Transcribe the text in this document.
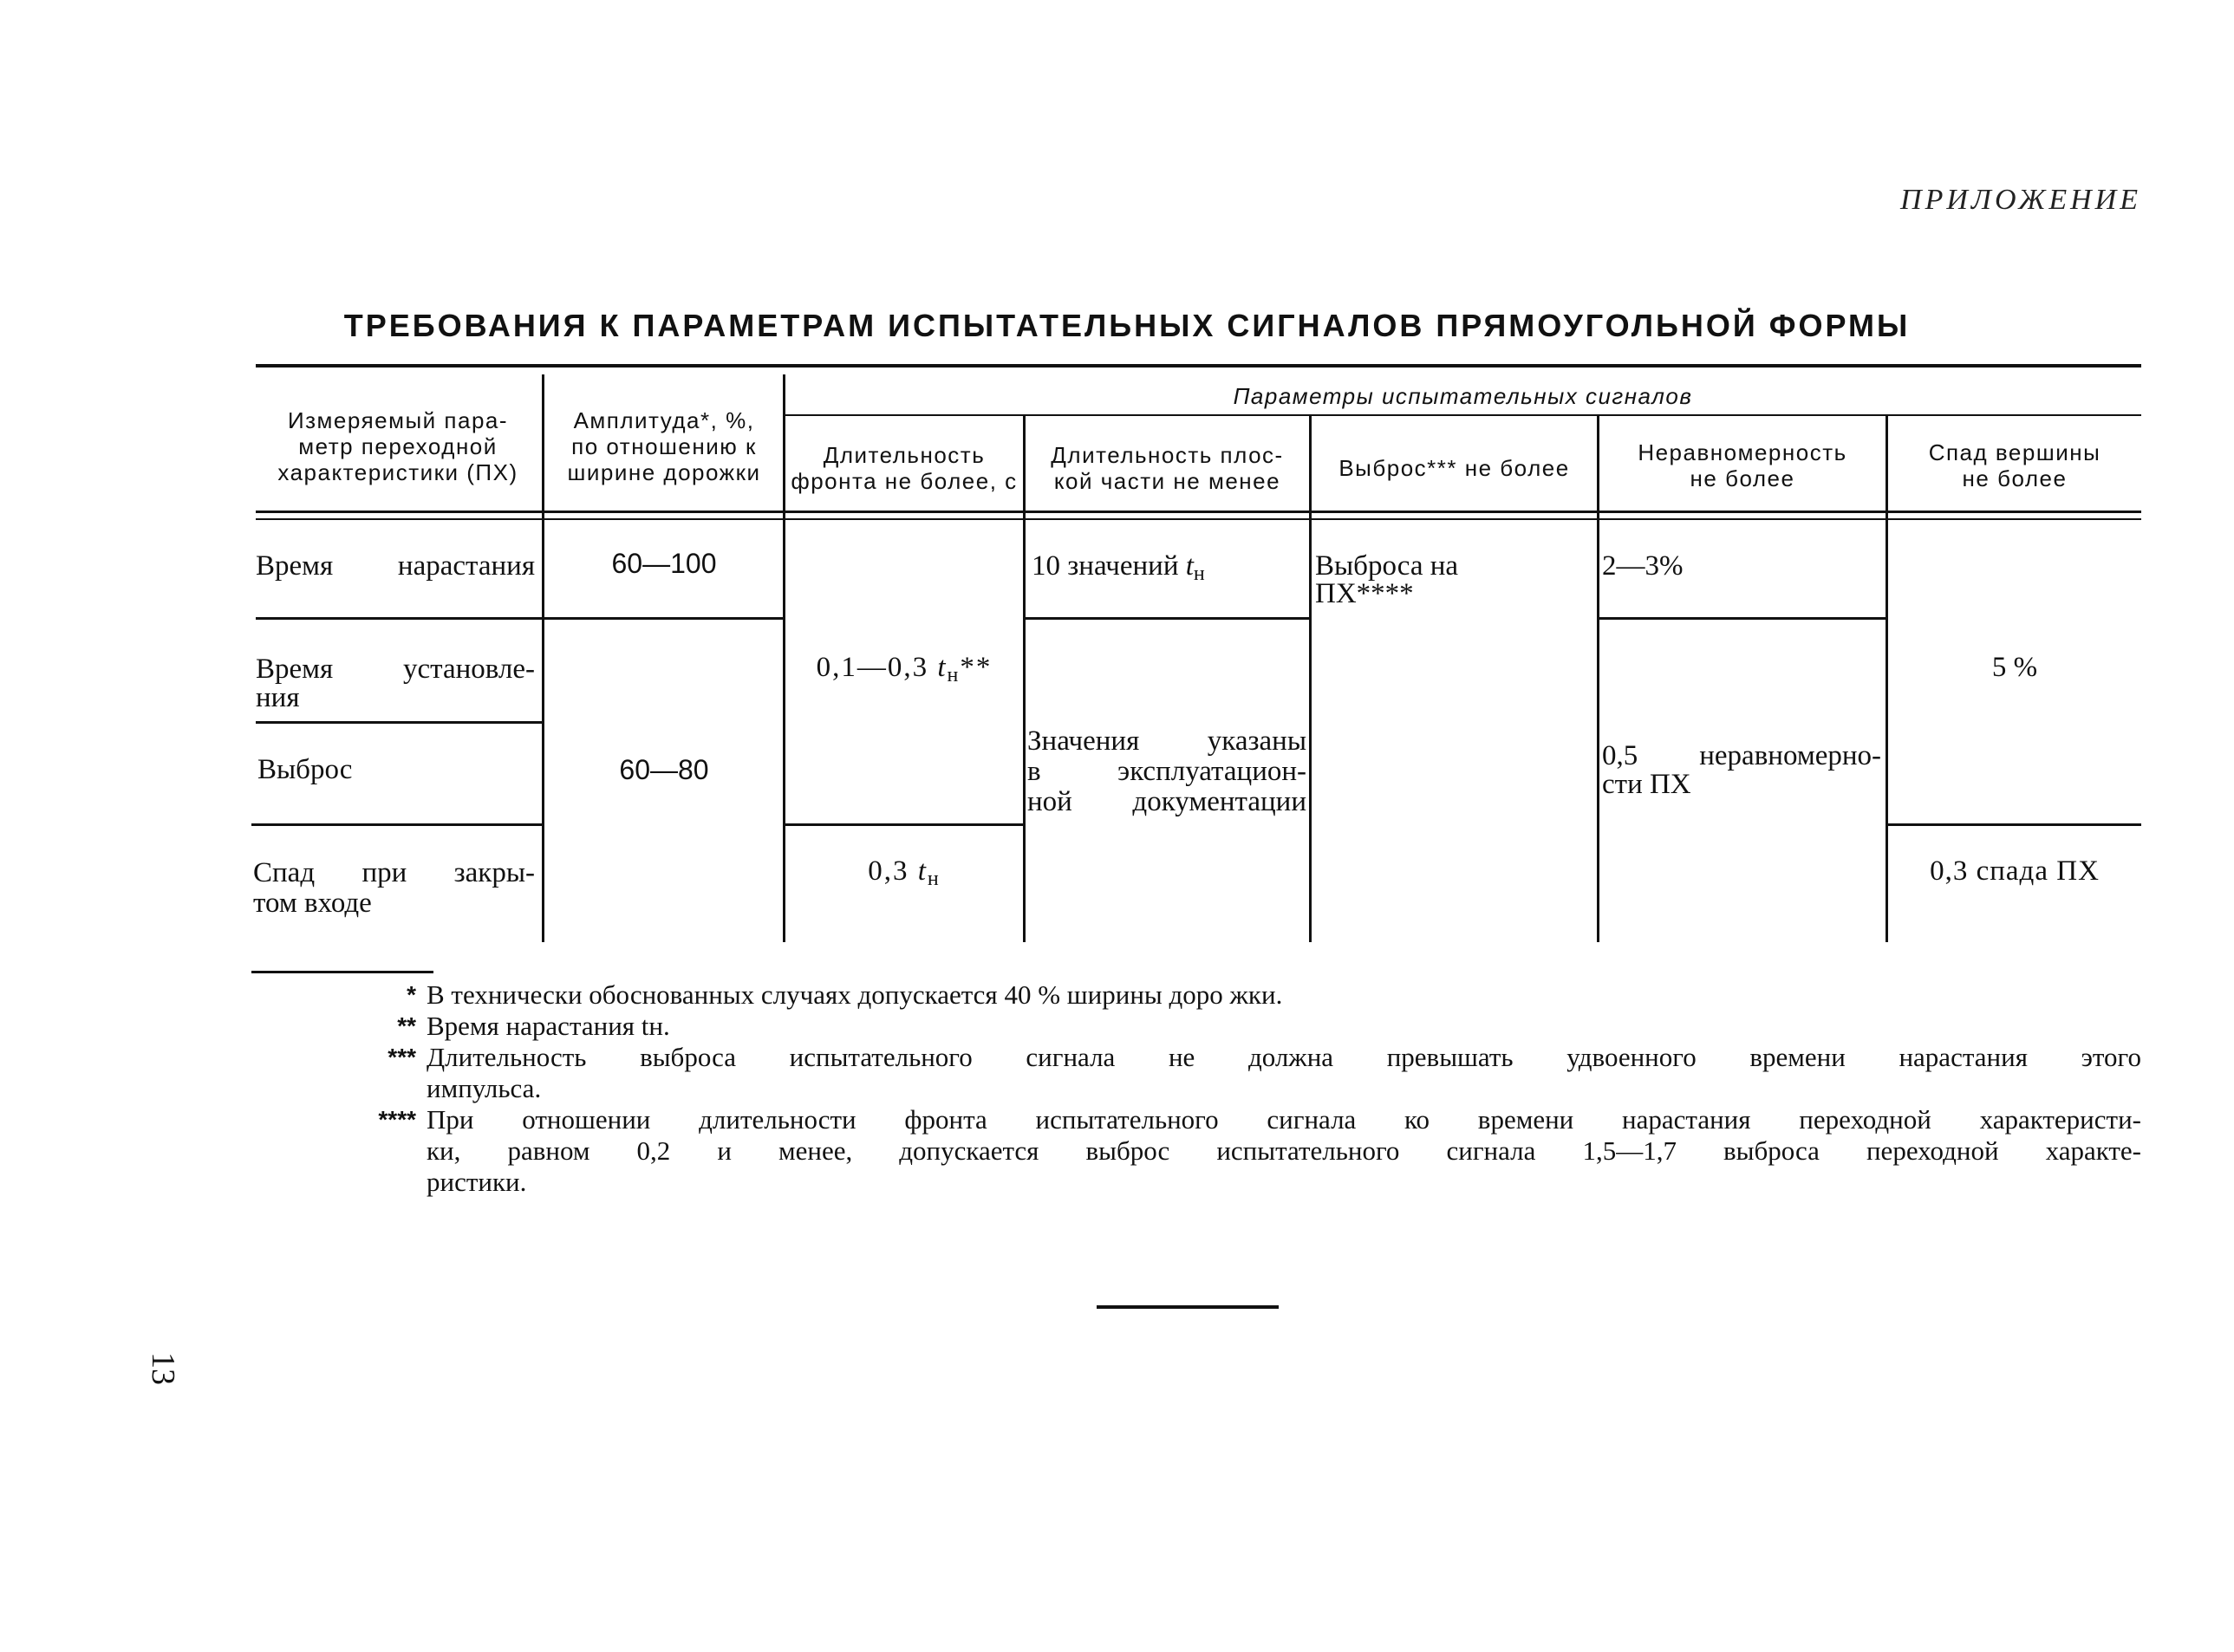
ПРИЛОЖЕНИЕ
ТРЕБОВАНИЯ К ПАРАМЕТРАМ ИСПЫТАТЕЛЬНЫХ СИГНАЛОВ ПРЯМОУГОЛЬНОЙ ФОРМЫ
Измеряемый пара-
метр переходной
характеристики (ПХ)
Амплитуда*, %,
по отношению к
ширине дорожки
Параметры испытательных сигналов
Длительность
фронта не более, с
Длительность плос-
кой части не менее	Выброс*** не более
Неравномерность
не более
Спад вершины
не более
Время нарастания
Время установле-
ния
Выброс
Спад при закры-
том входе
60—100
60—80
0,1—0,3 $t_н**$
0,3 $t_н$
10 значений $t_н$
Значения указаны
в эксплуатацион-
ной документации
Выброса на
ПХ****
2—3%
0,5 неравномерно-
сти ПХ
5 %
0,3 спада ПХ
* В технически обоснованных случаях допускается 40 % ширины доро жки.
** Время нарастания tн.
*** Длительность выброса испытательного сигнала не должна превышать удвоенного времени нарастания этого
импульса.
**** При отношении длительности фронта испытательного сигнала ко времени нарастания переходной характеристи-
ки, равном 0,2 и менее, допускается выброс испытательного сигнала 1,5—1,7 выброса переходной характе-
ристики.
13
